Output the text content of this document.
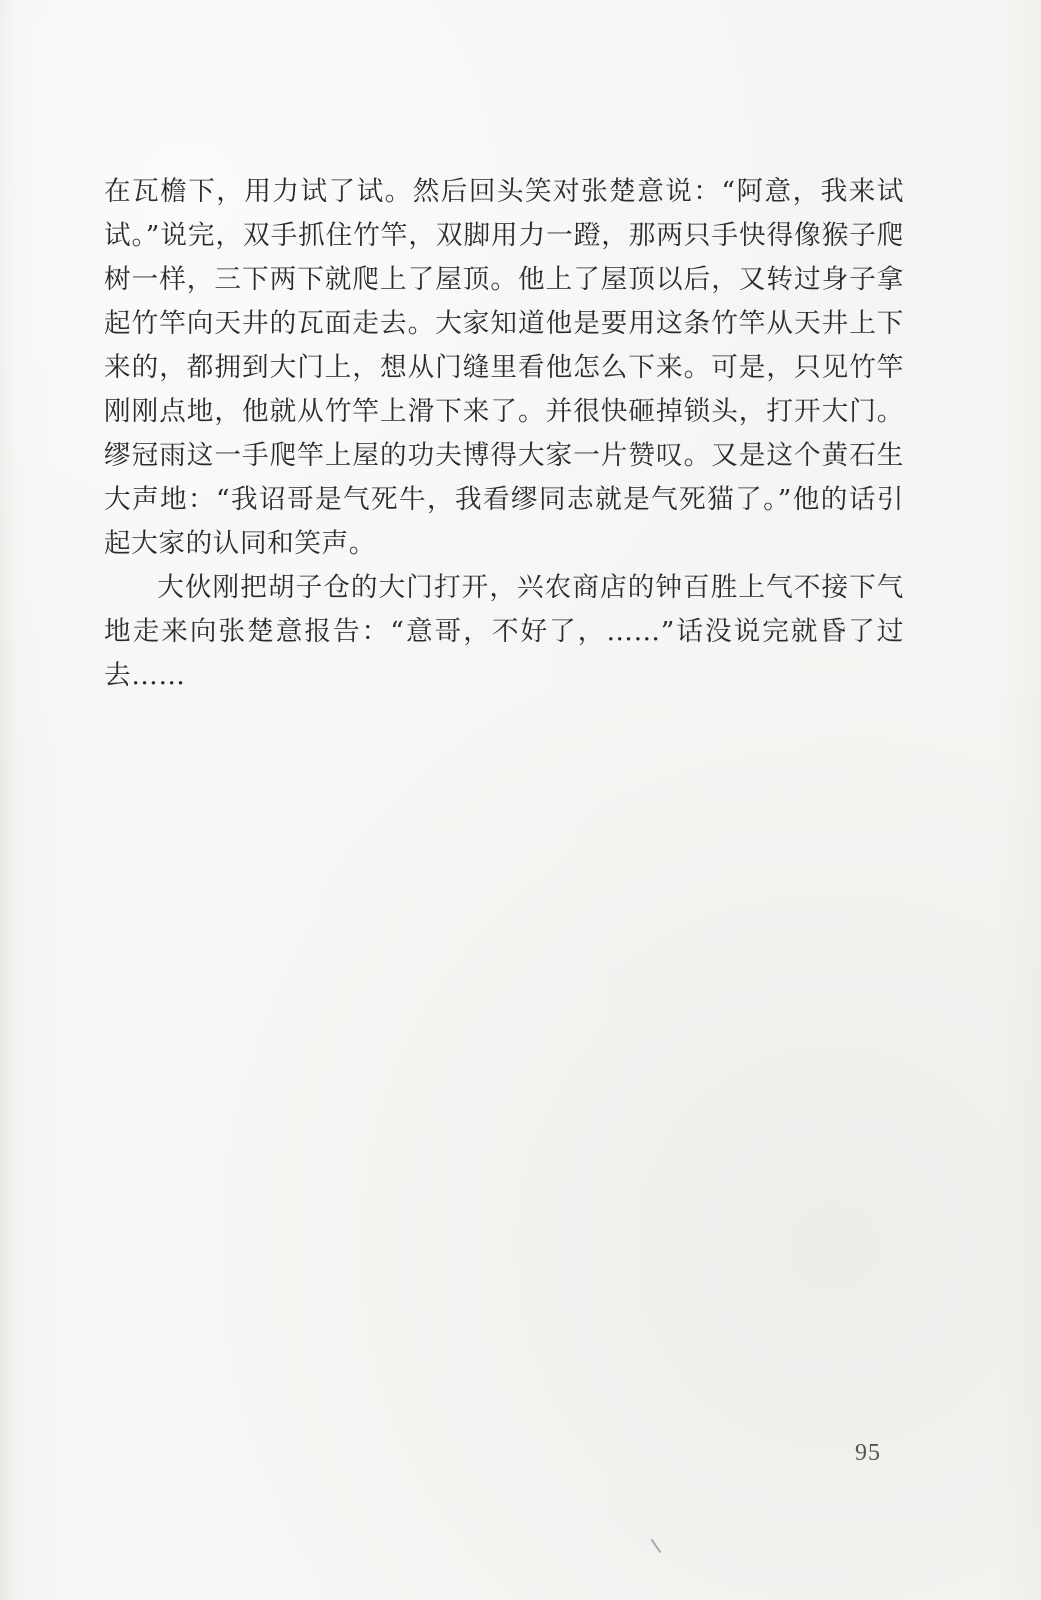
在瓦檐下，用力试了试。然后回头笑对张楚意说：“阿意，我来试试。”说完，双手抓住竹竿，双脚用力一蹬，那两只手快得像猴子爬树一样，三下两下就爬上了屋顶。他上了屋顶以后，又转过身子拿起竹竿向天井的瓦面走去。大家知道他是要用这条竹竿从天井上下来的，都拥到大门上，想从门缝里看他怎么下来。可是，只见竹竿刚刚点地，他就从竹竿上滑下来了。并很快砸掉锁头，打开大门。缪冠雨这一手爬竿上屋的功夫博得大家一片赞叹。又是这个黄石生大声地：“我诏哥是气死牛，我看缪同志就是气死猫了。”他的话引起大家的认同和笑声。

大伙刚把胡子仓的大门打开，兴农商店的钟百胜上气不接下气地走来向张楚意报告：“意哥，不好了，……”话没说完就昏了过去……

95
